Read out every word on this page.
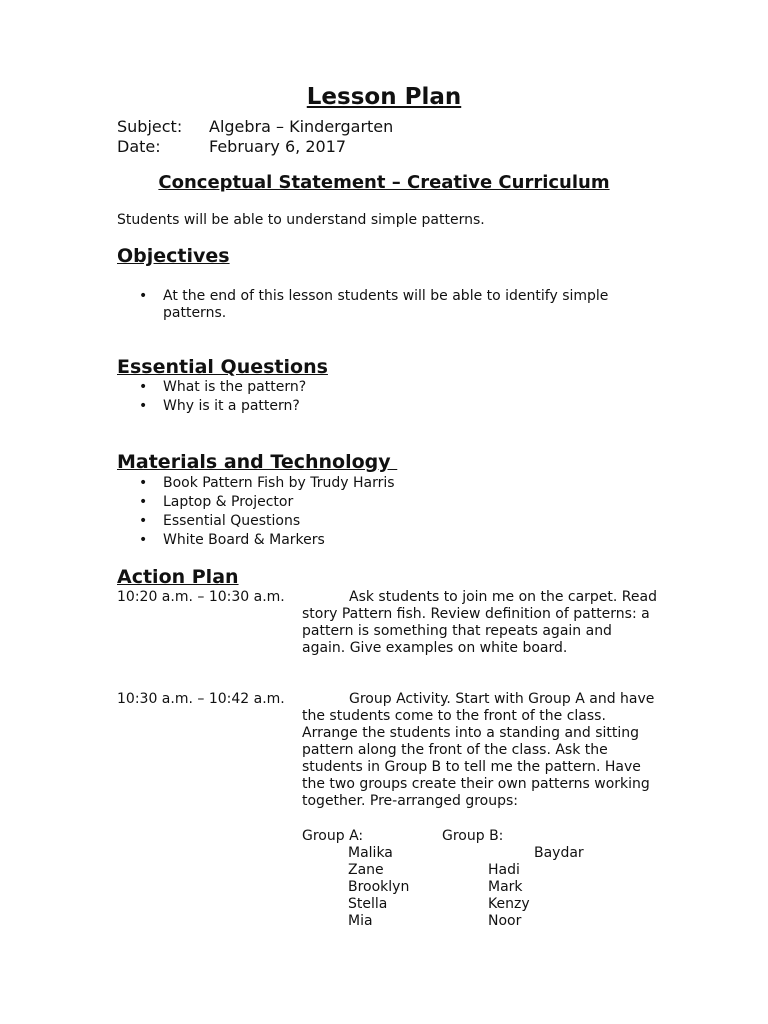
Lesson Plan
Subject: Algebra – Kindergarten
Date:	February 6, 2017
Conceptual Statement – Creative Curriculum

Students will be able to understand simple patterns.

Objectives
• At the end of this lesson students will be able to identify simple patterns.
Essential Questions
• What is the pattern?
• Why is it a pattern?
Materials and Technology
• Book Pattern Fish by Trudy Harris
• Laptop & Projector
• Essential Questions
• White Board & Markers
Action Plan
10:20 a.m. – 10:30 a.m.	Ask students to join me on the carpet. Read story Pattern fish. Review definition of patterns: a pattern is something that repeats again and again. Give examples on white board.
10:30 a.m. – 10:42 a.m.	Group Activity. Start with Group A and have the students come to the front of the class. Arrange the students into a standing and sitting pattern along the front of the class. Ask the students in Group B to tell me the pattern. Have the two groups create their own patterns working together. Pre-arranged groups:
Group A:	Group B:
Malika	Baydar
Zane	Hadi
Brooklyn	Mark
Stella	Kenzy
Mia	Noor
